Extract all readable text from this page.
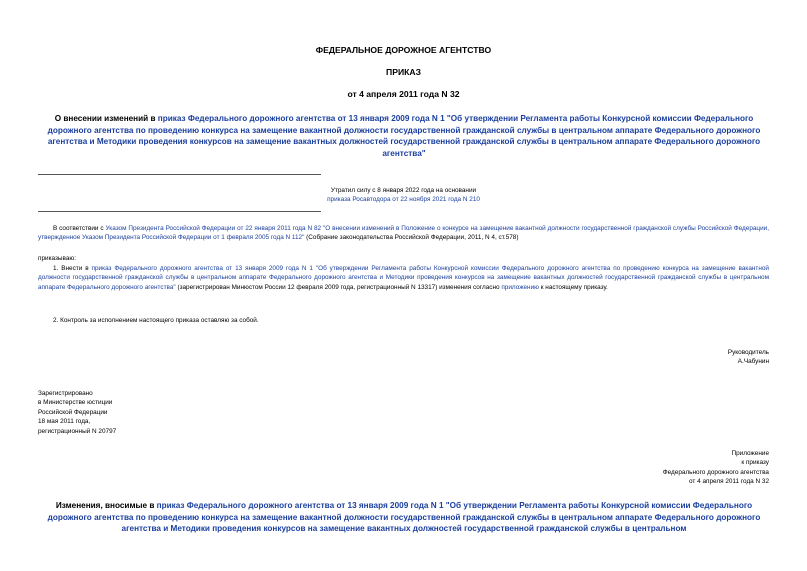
ФЕДЕРАЛЬНОЕ ДОРОЖНОЕ АГЕНТСТВО
ПРИКАЗ
от 4 апреля 2011 года N 32
О внесении изменений в приказ Федерального дорожного агентства от 13 января 2009 года N 1 "Об утверждении Регламента работы Конкурсной комиссии Федерального дорожного агентства по проведению конкурса на замещение вакантной должности государственной гражданской службы в центральном аппарате Федерального дорожного агентства и Методики проведения конкурсов на замещение вакантных должностей государственной гражданской службы в центральном аппарате Федерального дорожного агентства"
Утратил силу с 8 января 2022 года на основании
приказа Росавтодора от 22 ноября 2021 года N 210
В соответствии с Указом Президента Российской Федерации от 22 января 2011 года N 82 "О внесении изменений в Положение о конкурсе на замещение вакантной должности государственной гражданской службы Российской Федерации, утвержденное Указом Президента Российской Федерации от 1 февраля 2005 года N 112" (Собрание законодательства Российской Федерации, 2011, N 4, ст.578)
приказываю:
1. Внести в приказ Федерального дорожного агентства от 13 января 2009 года N 1 "Об утверждении Регламента работы Конкурсной комиссии Федерального дорожного агентства по проведению конкурса на замещение вакантной должности государственной гражданской службы в центральном аппарате Федерального дорожного агентства и Методики проведения конкурсов на замещение вакантных должностей государственной гражданской службы в центральном аппарате Федерального дорожного агентства" (зарегистрирован Минюстом России 12 февраля 2009 года, регистрационный N 13317) изменения согласно приложению к настоящему приказу.
2. Контроль за исполнением настоящего приказа оставляю за собой.
Руководитель
А.Чабунин
Зарегистрировано
в Министерстве юстиции
Российской Федерации
18 мая 2011 года,
регистрационный N 20797
Приложение
к приказу
Федерального дорожного агентства
от 4 апреля 2011 года N 32
Изменения, вносимые в приказ Федерального дорожного агентства от 13 января 2009 года N 1 "Об утверждении Регламента работы Конкурсной комиссии Федерального дорожного агентства по проведению конкурса на замещение вакантной должности государственной гражданской службы в центральном аппарате Федерального дорожного агентства и Методики проведения конкурсов на замещение вакантных должностей государственной гражданской службы в центральном
